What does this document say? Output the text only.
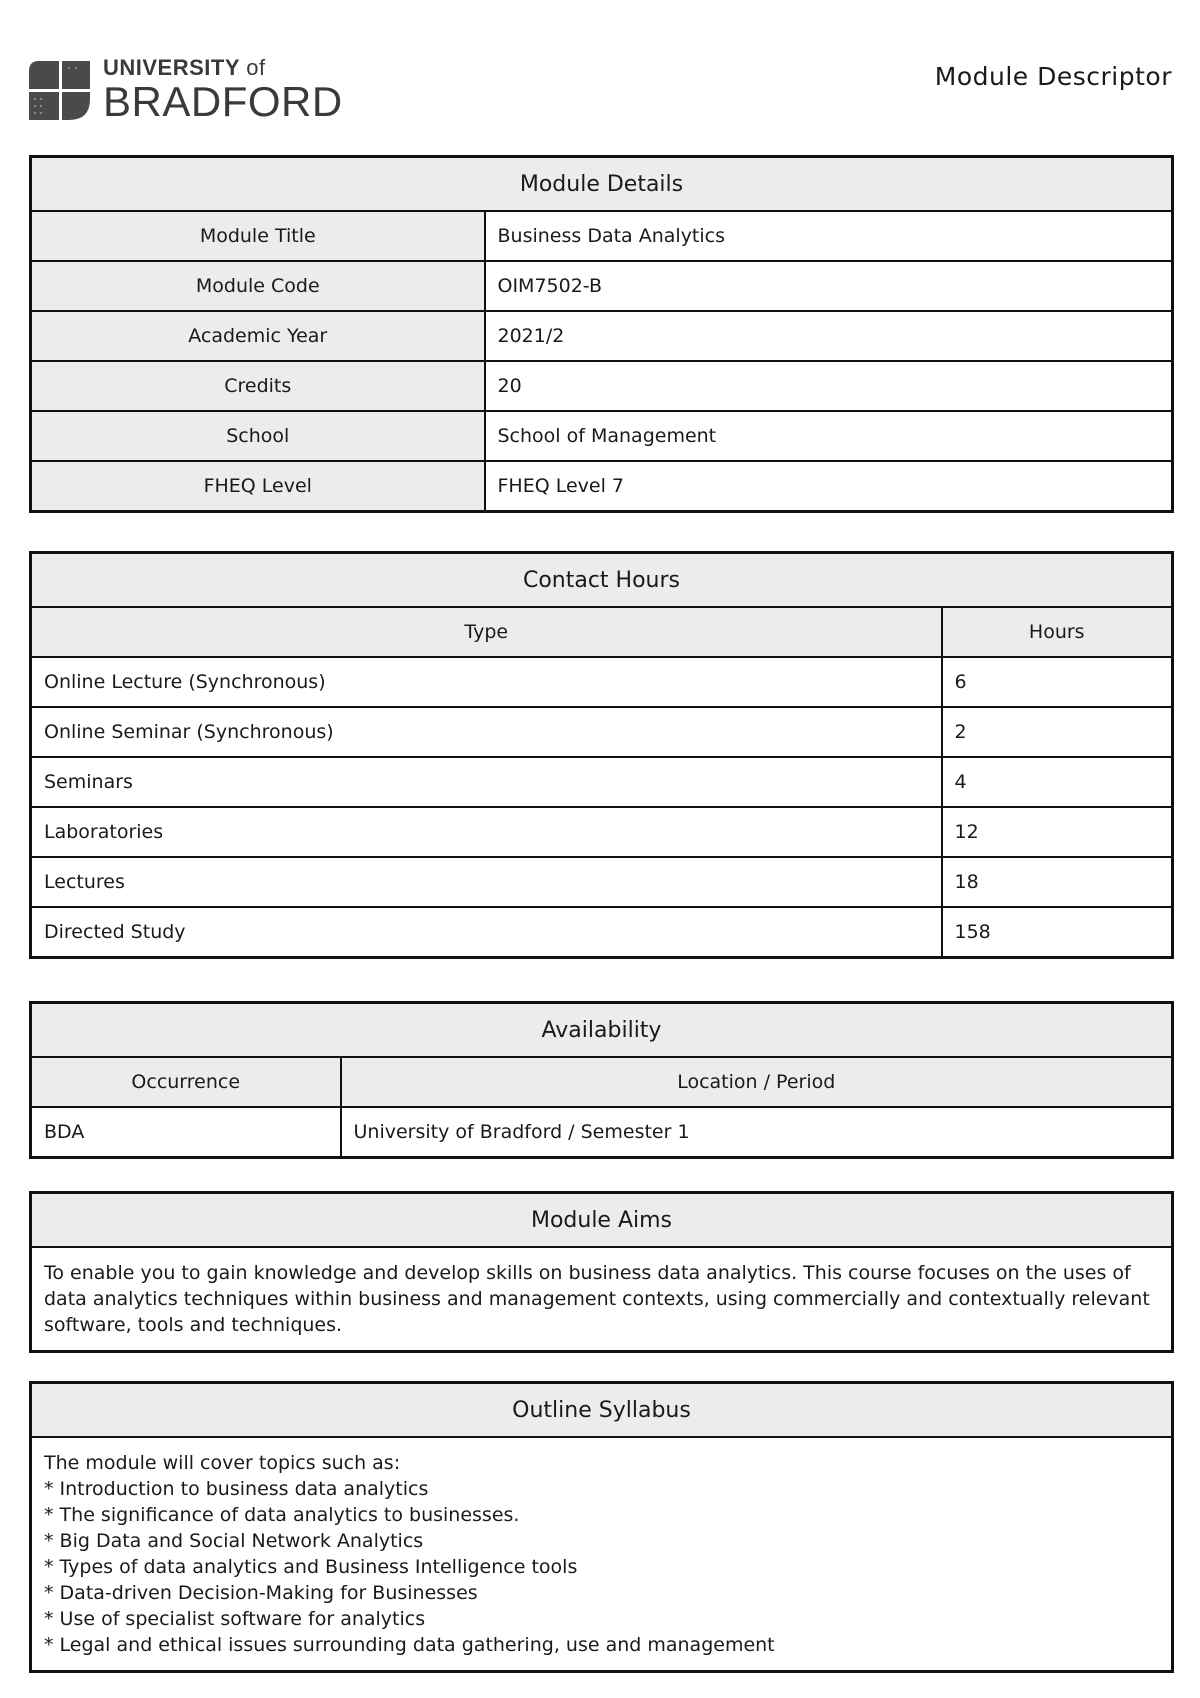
UNIVERSITY of
BRADFORD
Module Descriptor
Module Details	
Module Title	Business Data Analytics
Module Code	OIM7502-B
Academic Year	2021/2
Credits	20
School	School of Management
FHEQ Level	FHEQ Level 7
Contact Hours	
Type	Hours
Online Lecture (Synchronous)	6
Online Seminar (Synchronous)	2
Seminars	4
Laboratories	12
Lectures	18
Directed Study	158
Availability	
Occurrence	Location / Period
BDA	University of Bradford / Semester 1
Module Aims
To enable you to gain knowledge and develop skills on business data analytics. This course focuses on the uses of data analytics techniques within business and management contexts, using commercially and contextually relevant software, tools and techniques.
Outline Syllabus

The module will cover topics such as:
* Introduction to business data analytics
* The significance of data analytics to businesses.
* Big Data and Social Network Analytics
* Types of data analytics and Business Intelligence tools
* Data-driven Decision-Making for Businesses
* Use of specialist software for analytics
* Legal and ethical issues surrounding data gathering, use and management
